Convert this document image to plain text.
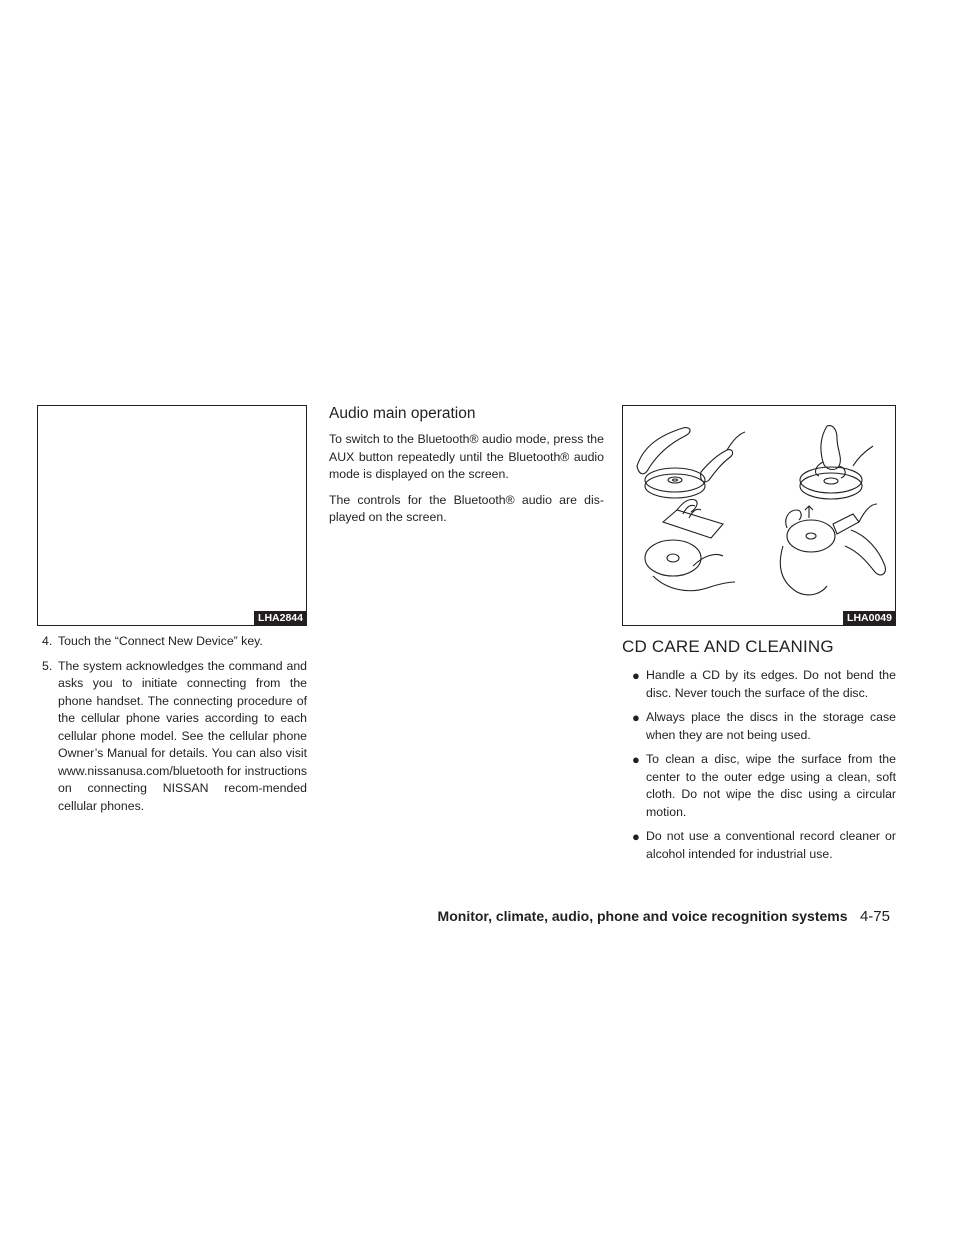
LHA2844
4. Touch the “Connect New Device” key.
5. The system acknowledges the command and asks you to initiate connecting from the phone handset. The connecting procedure of the cellular phone varies according to each cellular phone model. See the cellular phone Owner’s Manual for details. You can also visit www.nissanusa.com/bluetooth for instructions on connecting NISSAN recom-mended cellular phones.
Audio main operation

To switch to the Bluetooth® audio mode, press the AUX button repeatedly until the Bluetooth® audio mode is displayed on the screen.

The controls for the Bluetooth® audio are dis-played on the screen.

LHA0049
CD CARE AND CLEANING
● Handle a CD by its edges. Do not bend the disc. Never touch the surface of the disc.
● Always place the discs in the storage case when they are not being used.
● To clean a disc, wipe the surface from the center to the outer edge using a clean, soft cloth. Do not wipe the disc using a circular motion.
● Do not use a conventional record cleaner or alcohol intended for industrial use.
Monitor, climate, audio, phone and voice recognition systems 4-75
